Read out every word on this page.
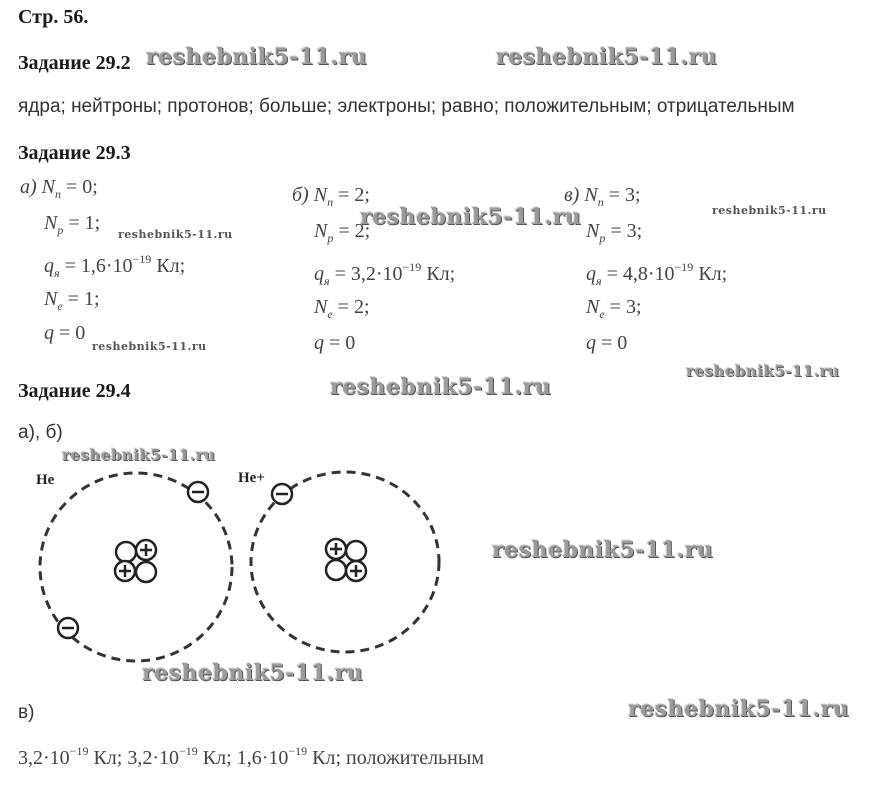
Стр. 56.
Задание 29.2 reshebnik5-11.ru	reshebnik5-11.ru
ядра; нейтроны; протонов; больше; электроны; равно; положительным; отрицательным
Задание 29.3
а) $N_n = 0$;
$N_p = 1$;
reshebnik5-11.ru
$q_я = 1,6\cdot 10^{-19}$ Кл;
$N_e = 1$;
q = 0
reshebnik5-11.ru
б) $N_n = 2$;
$N_p = 2$;
reshebnik5-11.ru
$q_я = 3,2\cdot 10^{-19}$ Кл;
$N_e = 2$;
q = 0
в) $N_n = 3$;
reshebnik5-11.ru
$N_p = 3$;
$q_я = 4,8\cdot 10^{-19}$ Кл;
$N_e = 3$;
q = 0
Задание 29.4	reshebnik5-11.ru
reshebnik5-11.ru
а), б)
reshebnik5-11.ru
He	He+
reshebnik5-11.ru
reshebnik5-11.ru
reshebnik5-11.ru
в)
$3,2\cdot 10^{-19}$ Кл; $3,2\cdot 10^{-19}$ Кл; $1,6\cdot 10^{-19}$ Кл; положительным
